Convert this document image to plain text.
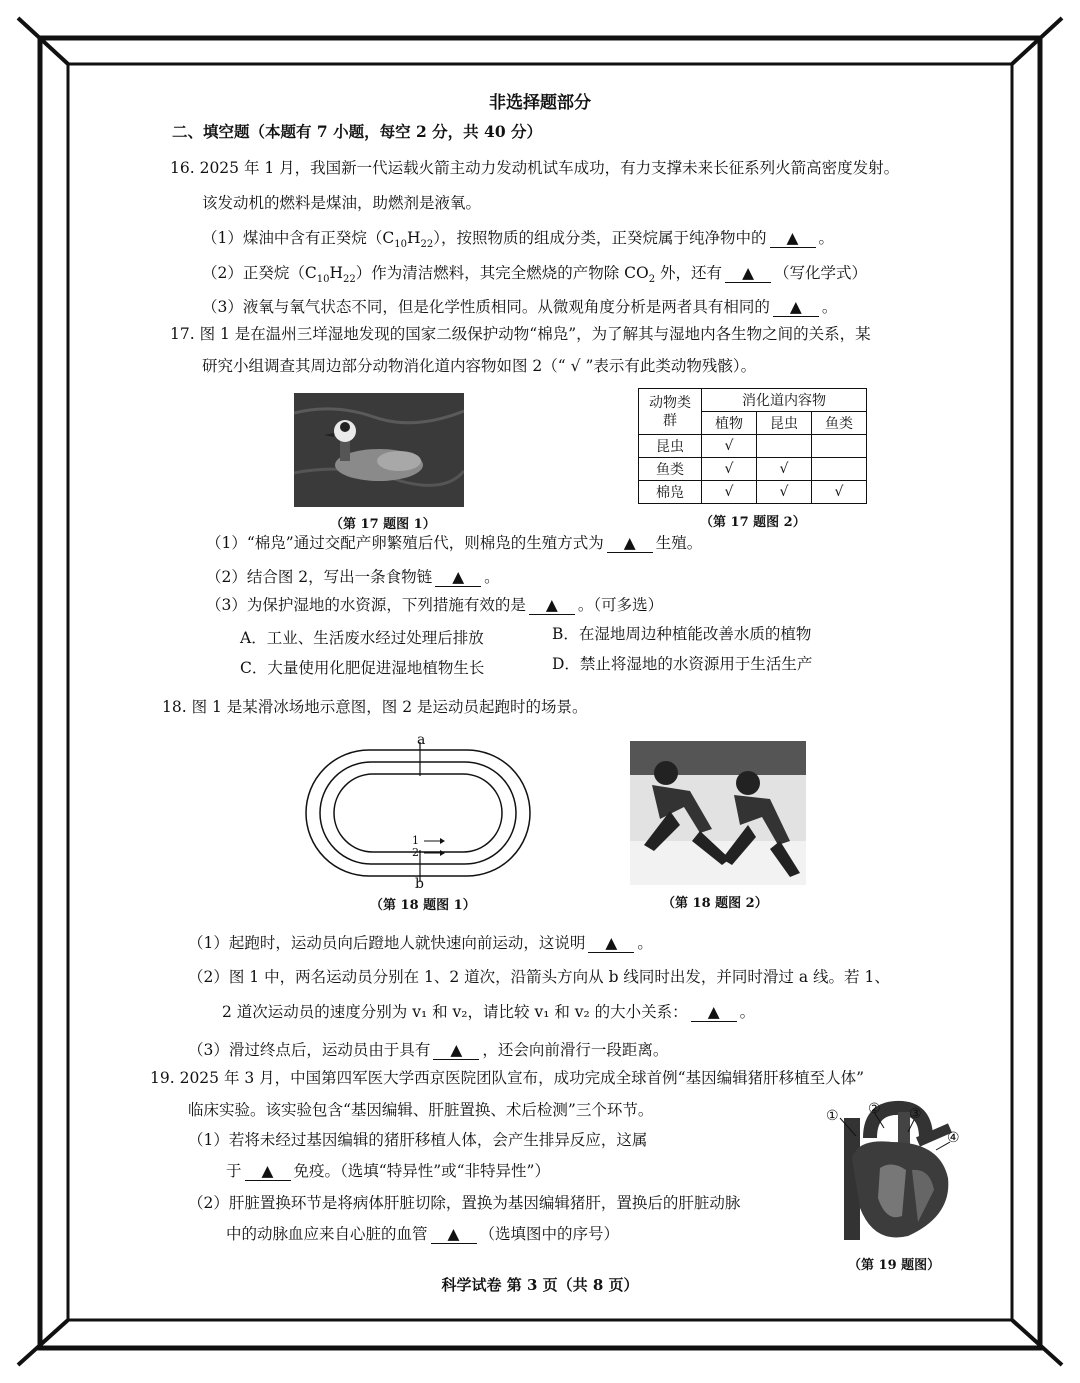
非选择题部分
二、填空题（本题有 7 小题，每空 2 分，共 40 分）
16. 2025 年 1 月，我国新一代运载火箭主动力发动机试车成功，有力支撑未来长征系列火箭高密度发射。
该发动机的燃料是煤油，助燃剂是液氧。
（1）煤油中含有正癸烷$(C_{10}H_{22})$，按照物质的组成分类，正癸烷属于纯净物中的 ▲ 。
（2）正癸烷$(C_{10}H_{22})$作为清洁燃料，其完全燃烧的产物除 $CO_2$ 外，还有 ▲ （写化学式）
（3）液氧与氧气状态不同，但是化学性质相同。从微观角度分析是两者具有相同的 ▲ 。
17. 图 1 是在温州三垟湿地发现的国家二级保护动物“棉凫”，为了解其与湿地内各生物之间的关系，某
研究小组调查其周边部分动物消化道内容物如图 2（“ √ ”表示有此类动物残骸）。
（第 17 题图 1）
动物类群	消化道内容物		
	植物	昆虫	鱼类
昆虫	√		
鱼类	√	√	
棉凫	√	√	√
（第 17 题图 2）
（1）“棉凫”通过交配产卵繁殖后代，则棉凫的生殖方式为 ▲ 生殖。
（2）结合图 2，写出一条食物链 ▲ 。
（3）为保护湿地的水资源，下列措施有效的是 ▲ 。（可多选）
A．工业、生活废水经过处理后排放	B．在湿地周边种植能改善水质的植物
C．大量使用化肥促进湿地植物生长	D．禁止将湿地的水资源用于生活生产
18. 图 1 是某滑冰场地示意图，图 2 是运动员起跑时的场景。
a
b
1
2
（第 18 题图 1）	（第 18 题图 2）
（1）起跑时，运动员向后蹬地人就快速向前运动，这说明 ▲ 。
（2）图 1 中，两名运动员分别在 1、2 道次，沿箭头方向从 b 线同时出发，并同时滑过 a 线。若 1、
2 道次运动员的速度分别为 v₁ 和 v₂，请比较 v₁ 和 v₂ 的大小关系： ▲ 。
（3）滑过终点后，运动员由于具有 ▲ ，还会向前滑行一段距离。
19. 2025 年 3 月，中国第四军医大学西京医院团队宣布，成功完成全球首例“基因编辑猪肝移植至人体”
临床实验。该实验包含“基因编辑、肝脏置换、术后检测”三个环节。
（1）若将未经过基因编辑的猪肝移植人体，会产生排异反应，这属
于 ▲ 免疫。（选填“特异性”或“非特异性”）
（2）肝脏置换环节是将病体肝脏切除，置换为基因编辑猪肝，置换后的肝脏动脉
中的动脉血应来自心脏的血管 ▲ （选填图中的序号）
① ② ③
④
（第 19 题图）
科学试卷 第 3 页（共 8 页）
